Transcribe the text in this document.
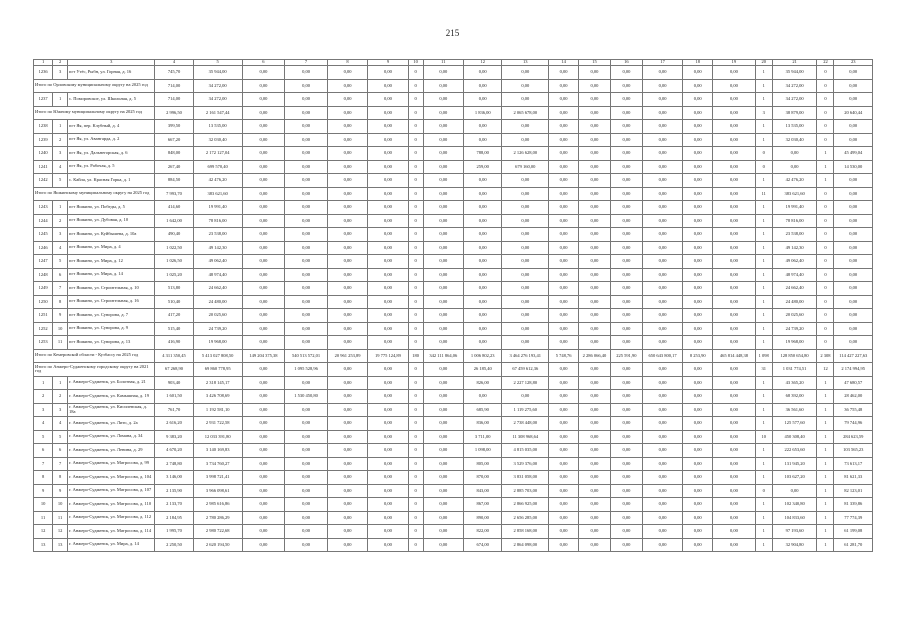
215
1	2	3	4	5	6	7	8	9	10	11	12	13	14	15	16	17	18	19	20	21	22	23
1236	3	пгт Утёс, Рыбн, ул. Горная, д. 16	745,70	35 944,00	0,00	0,00	0,00	0,00	0	0,00	0,00	0,00	0,00	0,00	0,00	0,00	0,00	0,00	1	35 944,00	0	0,00
Итого по Орловскому муниципальному округу на 2025 год			714,00	34 272,00	0,00	0,00	0,00	0,00	0	0,00	0,00	0,00	0,00	0,00	0,00	0,00	0,00	0,00	1	34 272,00	0	0,00
1237	1	с. Поморовское, ул. Школьная, д. 5	714,00	34 272,00	0,00	0,00	0,00	0,00	0	0,00	0,00	0,00	0,00	0,00	0,00	0,00	0,00	0,00	1	34 272,00	0	0,00
Итого по Южному муниципальному округу на 2025 год			2 996,50	2 161 547,44	0,00	0,00	0,00	0,00	0	0,00	1 836,00	2 065 678,00	0,00	0,00	0,00	0,00	0,00	0,00	3	38 879,00	0	20 640,44
1238	1	пгт Яя, пер. Клубный, д. 4	399,50	13 535,00	0,00	0,00	0,00	0,00	0	0,00	0,00	0,00	0,00	0,00	0,00	0,00	0,00	0,00	1	13 535,00	0	0,00
1239	2	пгт Яя, ул. Авангарда, д. 2	667,20	32 030,40	0,00	0,00	0,00	0,00	0	0,00	0,00	0,00	0,00	0,00	0,00	0,00	0,00	0,00	1	32 030,40	0	0,00
1240	3	пгт Яя, ул. Дальнегорская, д. 6	848,00	2 172 127,04	0,00	0,00	0,00	0,00	0	0,00	788,00	2 126 628,00	0,00	0,00	0,00	0,00	0,00	0,00	0	0,00	1	45 499,04
1241	4	пгт Яя, ул. Рабочая, д. 5	267,40	699 570,40	0,00	0,00	0,00	0,00	0	0,00	259,00	679 160,00	0,00	0,00	0,00	0,00	0,00	0,00	0	0,00	1	14 530,00
1242	5	с. Кайла, ул. Красная Горка, д. 1	884,50	42 476,20	0,00	0,00	0,00	0,00	0	0,00	0,00	0,00	0,00	0,00	0,00	0,00	0,00	0,00	1	42 476,20	1	0,00
Итого по Яшкинскому муниципальному округу на 2025 год			7 993,70	383 621,60	0,00	0,00	0,00	0,00	0	0,00	0,00	0,00	0,00	0,00	0,00	0,00	0,00	0,00	11	383 621,60	0	0,00
1243	1	пгт Яшкино, ул. Победы, д. 5	414,60	19 991,40	0,00	0,00	0,00	0,00	0	0,00	0,00	0,00	0,00	0,00	0,00	0,00	0,00	0,00	1	19 991,40	0	0,00
1244	2	пгт Яшкино, ул. Дубовая, д. 10	1 642,00	78 816,00	0,00	0,00	0,00	0,00	0	0,00	0,00	0,00	0,00	0,00	0,00	0,00	0,00	0,00	1	78 816,00	0	0,00
1245	3	пгт Яшкино, ул. Куйбышева, д. 10а	490,40	23 538,00	0,00	0,00	0,00	0,00	0	0,00	0,00	0,00	0,00	0,00	0,00	0,00	0,00	0,00	1	23 538,00	0	0,00
1246	4	пгт Яшкино, ул. Мира, д. 4	1 022,50	49 142,30	0,00	0,00	0,00	0,00	0	0,00	0,00	0,00	0,00	0,00	0,00	0,00	0,00	0,00	1	49 142,30	0	0,00
1247	5	пгт Яшкино, ул. Мира, д. 12	1 026,50	49 062,40	0,00	0,00	0,00	0,00	0	0,00	0,00	0,00	0,00	0,00	0,00	0,00	0,00	0,00	1	49 062,40	0	0,00
1248	6	пгт Яшкино, ул. Мира, д. 14	1 025,20	48 974,40	0,00	0,00	0,00	0,00	0	0,00	0,00	0,00	0,00	0,00	0,00	0,00	0,00	0,00	1	48 974,40	0	0,00
1249	7	пгт Яшкино, ул. Строительная, д. 10	513,80	24 662,40	0,00	0,00	0,00	0,00	0	0,00	0,00	0,00	0,00	0,00	0,00	0,00	0,00	0,00	1	24 662,40	0	0,00
1250	8	пгт Яшкино, ул. Строительная, д. 16	510,40	24 480,00	0,00	0,00	0,00	0,00	0	0,00	0,00	0,00	0,00	0,00	0,00	0,00	0,00	0,00	1	24 480,00	0	0,00
1251	9	пгт Яшкино, ул. Суворова, д. 7	417,20	20 025,60	0,00	0,00	0,00	0,00	0	0,00	0,00	0,00	0,00	0,00	0,00	0,00	0,00	0,00	1	20 025,60	0	0,00
1252	10	пгт Яшкино, ул. Суворова, д. 9	515,40	24 739,20	0,00	0,00	0,00	0,00	0	0,00	0,00	0,00	0,00	0,00	0,00	0,00	0,00	0,00	1	24 739,20	0	0,00
1253	11	пгт Яшкино, ул. Суворова, д. 13	416,90	19 968,00	0,00	0,00	0,00	0,00	0	0,00	0,00	0,00	0,00	0,00	0,00	0,00	0,00	0,00	1	19 968,00	0	0,00
Итого по Кемеровской области - Кузбассу на 2025 год			4 311 350,45	5 413 027 808,50	149 204 375,38	540 513 572,01	20 961 253,89	19 775 124,89	180	342 111 864,06	1 006 802,23	3 464 276 193,41	5 748,76	2 286 066,40	225 591,90	650 643 800,17	8 253,90	465 814 448,38	1 098	128 850 654,80	2 308	114 427 227,63
Итого по Анжеро-Судженскому городскому округу на 2021 год			67 268,90	69 860 778,95	0,00	1 095 528,96	0,00	0,00	0	0,00	26 185,40	67 459 612,36	0,00	0,00	0,00	0,00	0,00	0,00	31	1 031 774,51	12	2 174 994,95
1	1	г. Анжеро-Судженск, ул. Болотная, д. 21	903,40	2 318 145,17	0,00	0,00	0,00	0,00	0	0,00	826,00	2 227 128,80	0,00	0,00	0,00	0,00	0,00	0,00	1	43 365,20	1	47 680,57
2	2	г. Анжеро-Судженск, ул. Камышная, д. 19	1 601,50	3 426 708,69	0,00	1 530 450,80	0,00	0,00	0	0,00	0,00	0,00	0,00	0,00	0,00	0,00	0,00	0,00	1	68 392,00	1	28 462,00
3	3	г. Анжеро-Судженск, ул. Кисилевская, д. 18а	761,70	1 192 581,10	0,00	0,00	0,00	0,00	0	0,00	685,90	1 119 275,60	0,00	0,00	0,00	0,00	0,00	0,00	1	36 561,60	1	36 755,48
4	4	г. Анжеро-Судженск, ул. Лито, д. 2а	2 616,20	2 931 722,58	0,00	0,00	0,00	0,00	0	0,00	836,00	2 738 448,00	0,00	0,00	0,00	0,00	0,00	0,00	1	125 577,60	1	79 744,96
5	5	г. Анжеро-Судженск, ул. Ломана, д. 34	9 383,20	12 033 391,80	0,00	0,00	0,00	0,00	0	0,00	3 711,00	11 308 968,64	0,00	0,00	0,00	0,00	0,00	0,00	10	450 308,40	1	284 623,59
6	6	г. Анжеро-Судженск, ул. Ленина, д. 29	4 670,20	3 140 169,83	0,00	0,00	0,00	0,00	0	0,00	1 098,00	4 815 035,00	0,00	0,00	0,00	0,00	0,00	0,00	1	222 653,60	1	103 565,23
7	7	г. Анжеро-Судженск, ул. Матросова, д. 99	2 748,80	3 734 760,27	0,00	0,00	0,00	0,00	0	0,00	805,00	3 529 376,00	0,00	0,00	0,00	0,00	0,00	0,00	1	131 945,20	1	73 613,17
8	8	г. Анжеро-Судженск, ул. Матросова, д. 104	3 146,00	3 998 721,41	0,00	0,00	0,00	0,00	0	0,00	870,00	3 831 058,00	0,00	0,00	0,00	0,00	0,00	0,00	1	103 627,20	1	81 621,33
9	9	г. Анжеро-Судженск, ул. Матросова, д. 107	2 135,90	3 966 098,61	0,00	0,00	0,00	0,00	0	0,00	843,00	2 885 703,00	0,00	0,00	0,00	0,00	0,00	0,00	0	0,00	1	82 123,01
10	10	г. Анжеро-Судженск, ул. Матросова, д. 110	2 133,70	2 985 616,86	0,00	0,00	0,00	0,00	0	0,00	867,00	2 866 925,00	0,00	0,00	0,00	0,00	0,00	0,00	1	102 340,80	1	81 339,86
11	11	г. Анжеро-Судженск, ул. Матросова, д. 112	2 184,95	2 780 286,29	0,00	0,00	0,00	0,00	0	0,00	890,00	2 656 285,00	0,00	0,00	0,00	0,00	0,00	0,00	1	104 833,60	1	77 774,39
12	12	г. Анжеро-Судженск, ул. Матросова, д. 114	1 995,70	2 980 722,68	0,00	0,00	0,00	0,00	0	0,00	822,00	2 858 168,00	0,00	0,00	0,00	0,00	0,00	0,00	1	97 193,60	1	61 199,08
13	13	г. Анжеро-Судженск, ул. Мира, д. 14	2 250,50	2 620 194,50	0,00	0,00	0,00	0,00	0	0,00	674,00	2 864 098,00	0,00	0,00	0,00	0,00	0,00	0,00	1	32 904,80	1	61 281,70
